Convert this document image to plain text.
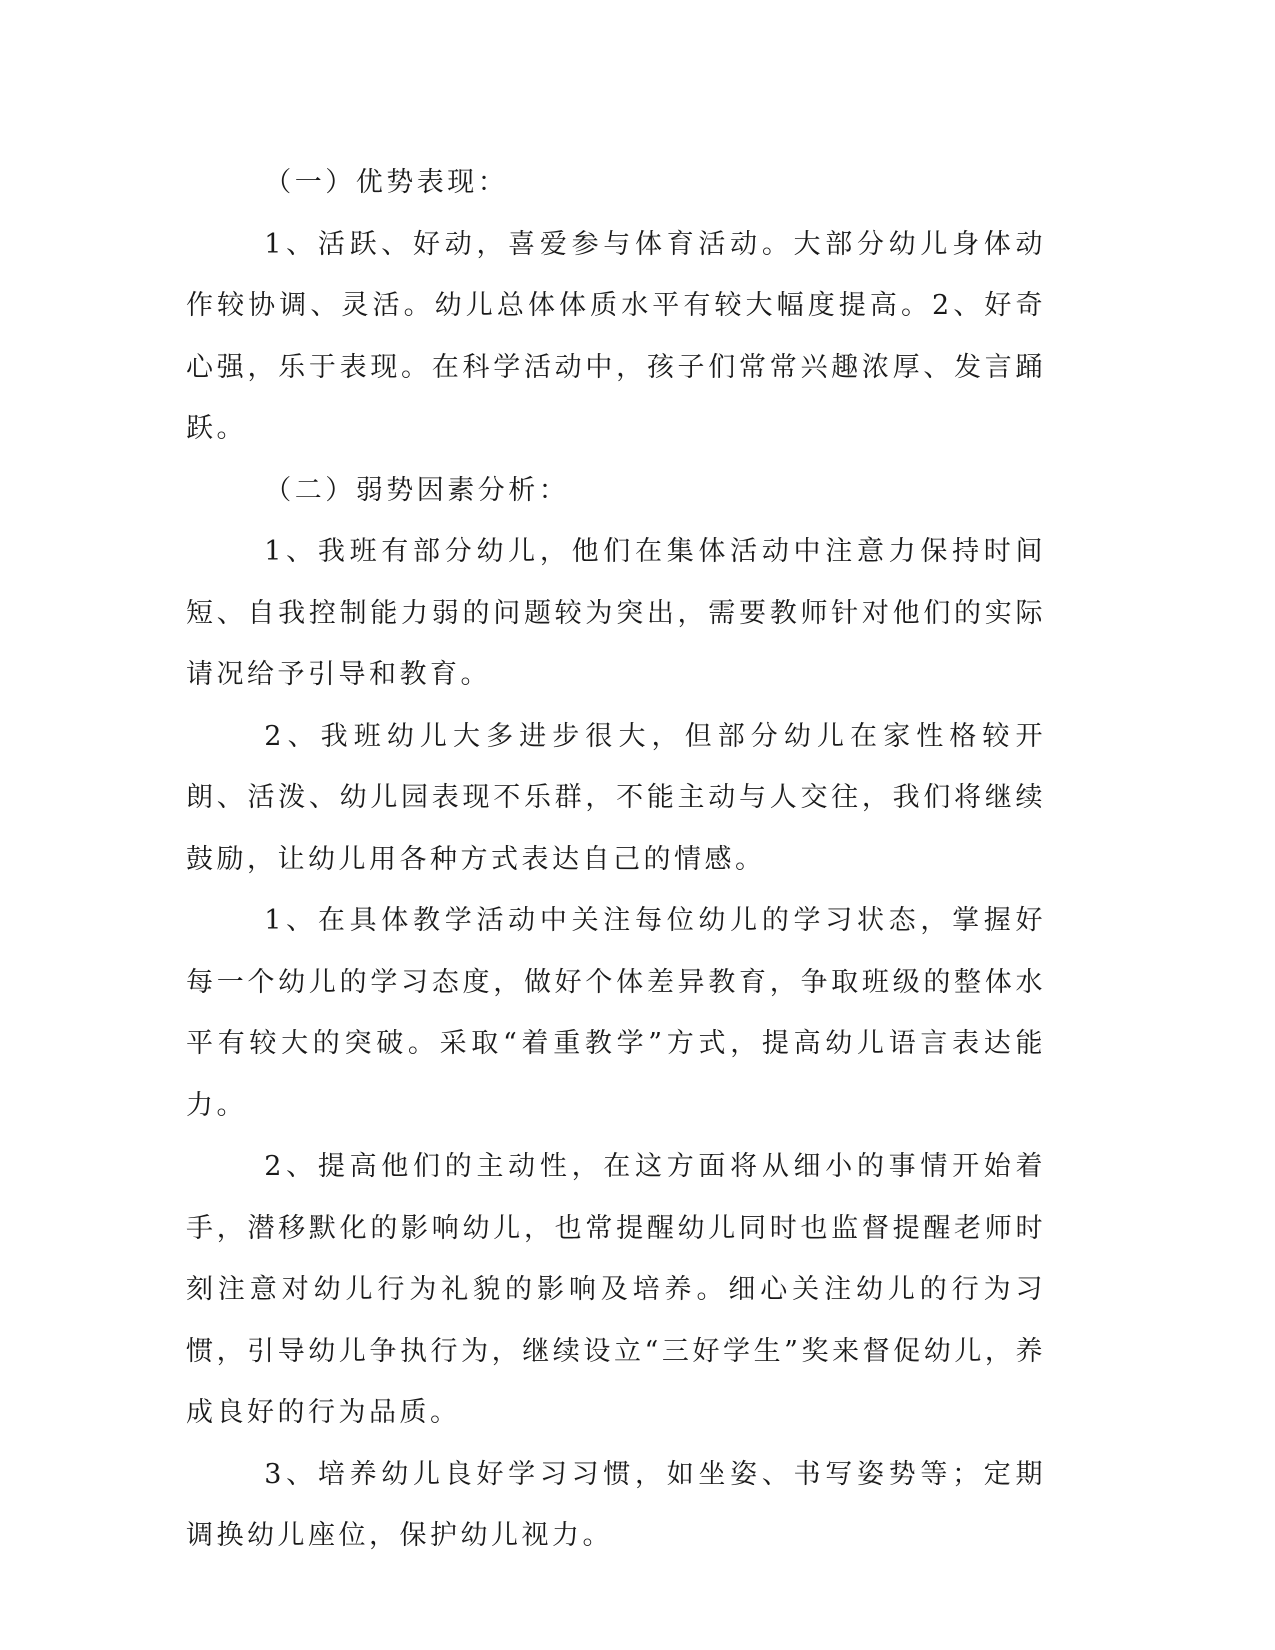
（一）优势表现：

1、活跃、好动，喜爱参与体育活动。大部分幼儿身体动作较协调、灵活。幼儿总体体质水平有较大幅度提高。2、好奇心强，乐于表现。在科学活动中，孩子们常常兴趣浓厚、发言踊跃。

（二）弱势因素分析：

1、我班有部分幼儿，他们在集体活动中注意力保持时间短、自我控制能力弱的问题较为突出，需要教师针对他们的实际请况给予引导和教育。

2、我班幼儿大多进步很大，但部分幼儿在家性格较开朗、活泼、幼儿园表现不乐群，不能主动与人交往，我们将继续鼓励，让幼儿用各种方式表达自己的情感。

1、在具体教学活动中关注每位幼儿的学习状态，掌握好每一个幼儿的学习态度，做好个体差异教育，争取班级的整体水平有较大的突破。采取“着重教学”方式，提高幼儿语言表达能力。

2、提高他们的主动性，在这方面将从细小的事情开始着手，潜移默化的影响幼儿，也常提醒幼儿同时也监督提醒老师时刻注意对幼儿行为礼貌的影响及培养。细心关注幼儿的行为习惯，引导幼儿争执行为，继续设立“三好学生”奖来督促幼儿，养成良好的行为品质。

3、培养幼儿良好学习习惯，如坐姿、书写姿势等；定期调换幼儿座位，保护幼儿视力。
